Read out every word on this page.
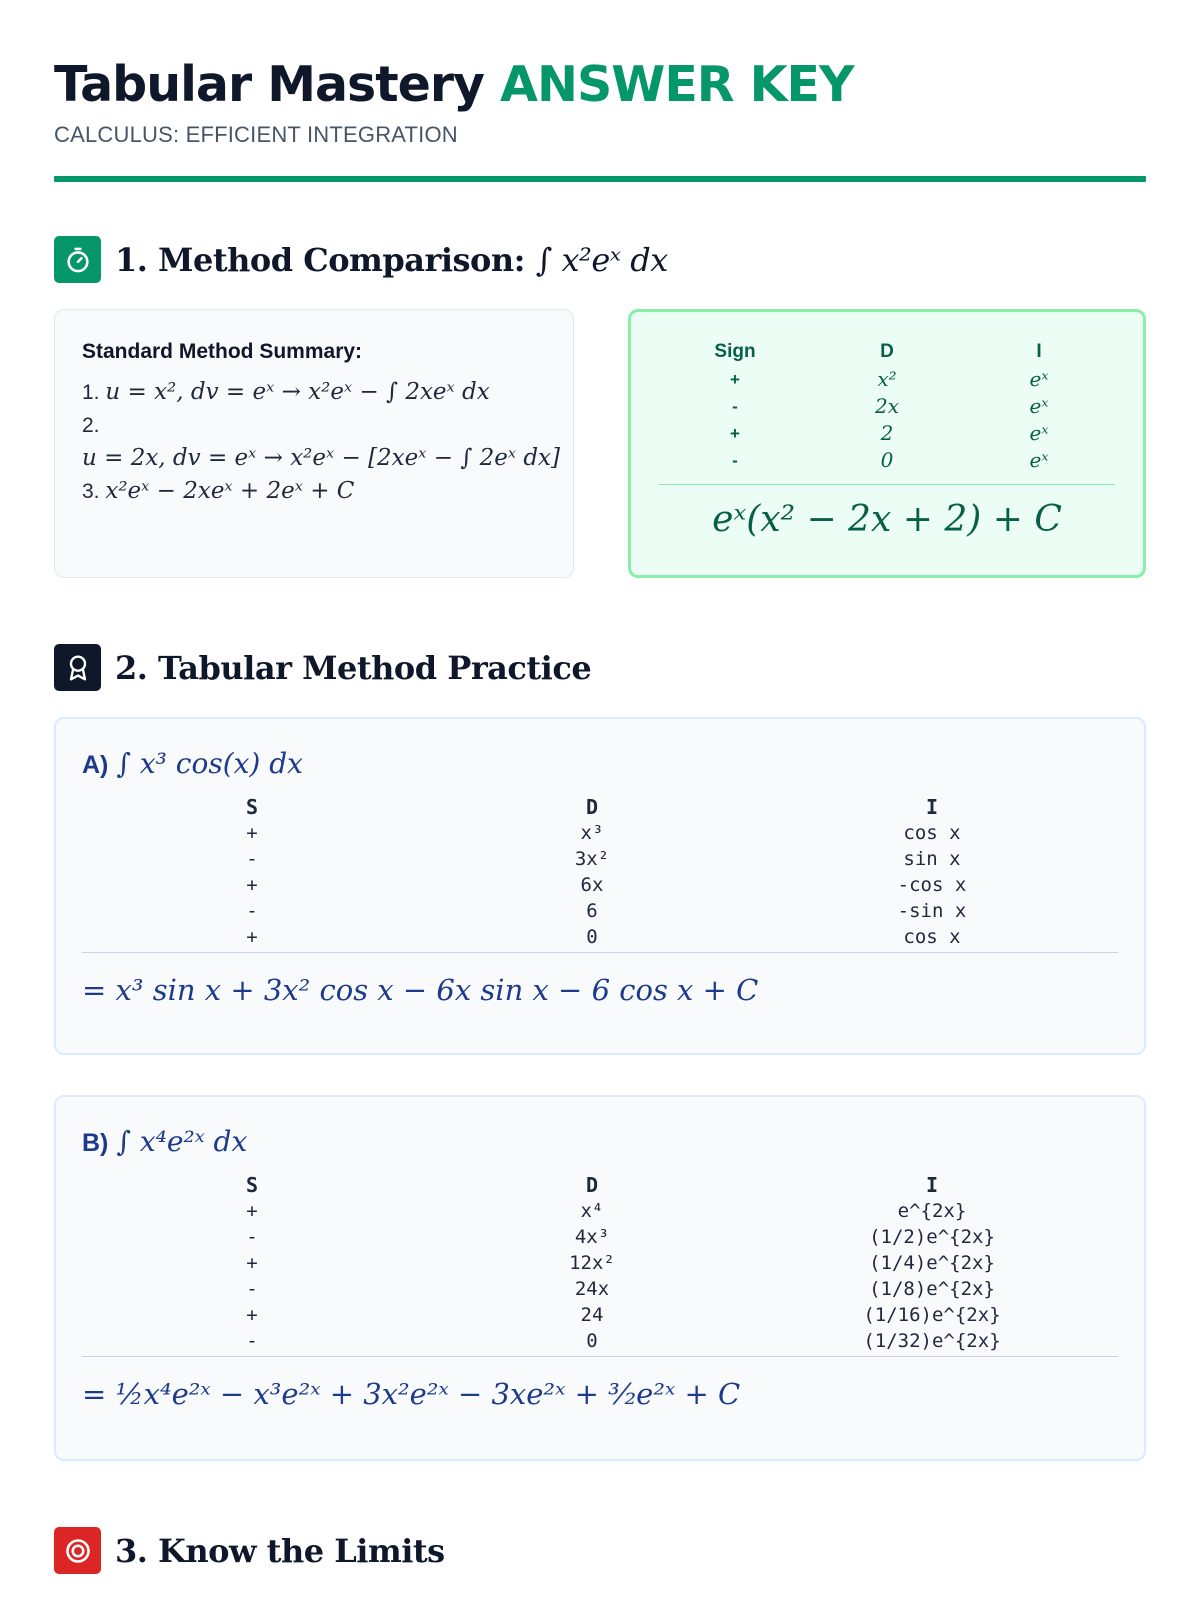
Tabular Mastery ANSWER KEY
CALCULUS: EFFICIENT INTEGRATION
1. Method Comparison: ∫ x²eˣ dx
Standard Method Summary:
1. u = x², dv = eˣ → x²eˣ − ∫ 2xeˣ dx
2.
u = 2x, dv = eˣ → x²eˣ − [2xeˣ − ∫ 2eˣ dx]
3. x²eˣ − 2xeˣ + 2eˣ + C
Sign	D	I
+	x²	eˣ
-	2x	eˣ
+	2	eˣ
-	0	eˣ
eˣ(x² − 2x + 2) + C
2. Tabular Method Practice
A) ∫ x³ cos(x) dx
S	D	I
+	x³	cos x
-	3x²	sin x
+	6x	-cos x
-	6	-sin x
+	0	cos x
= x³ sin x + 3x² cos x − 6x sin x − 6 cos x + C
B) ∫ x⁴e²ˣ dx
S	D	I
+	x⁴	e^{2x}
-	4x³	(1/2)e^{2x}
+	12x²	(1/4)e^{2x}
-	24x	(1/8)e^{2x}
+	24	(1/16)e^{2x}
-	0	(1/32)e^{2x}
= ½x⁴e²ˣ − x³e²ˣ + 3x²e²ˣ − 3xe²ˣ + ³⁄₂e²ˣ + C
3. Know the Limits
